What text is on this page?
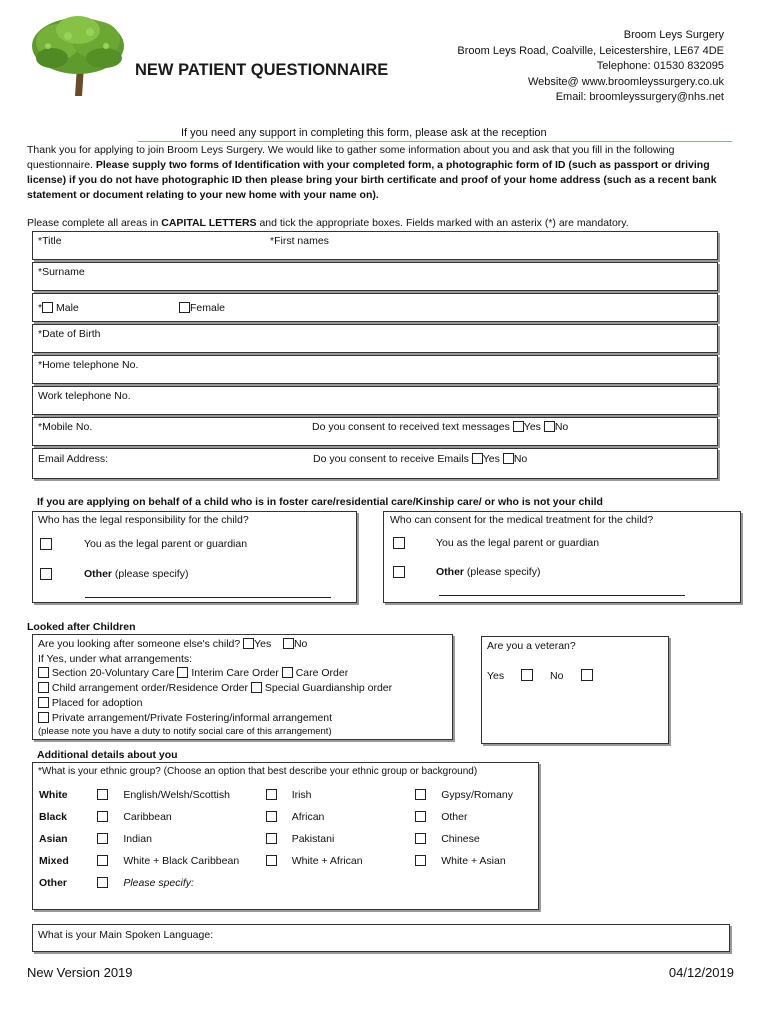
NEW PATIENT QUESTIONNAIRE
Broom Leys Surgery
Broom Leys Road, Coalville, Leicestershire, LE67 4DE
Telephone: 01530 832095
Website@ www.broomleyssurgery.co.uk
Email: broomleyssurgery@nhs.net
If you need any support in completing this form, please ask at the reception
Thank you for applying to join Broom Leys Surgery. We would like to gather some information about you and ask that you fill in the following questionnaire. Please supply two forms of Identification with your completed form, a photographic form of ID (such as passport or driving license) if you do not have photographic ID then please bring your birth certificate and proof of your home address (such as a recent bank statement or document relating to your new home with your name on).
Please complete all areas in CAPITAL LETTERS and tick the appropriate boxes. Fields marked with an asterix (*) are mandatory.
*Title	*First names
*Surname
* Male	Female
*Date of Birth
*Home telephone No.
Work telephone No.
*Mobile No.	Do you consent to received text messages Yes No
Email Address:	Do you consent to receive Emails Yes No
If you are applying on behalf of a child who is in foster care/residential care/Kinship care/ or who is not your child
Who has the legal responsibility for the child?
You as the legal parent or guardian
Other (please specify)
Who can consent for the medical treatment for the child?
You as the legal parent or guardian
Other (please specify)
Looked after Children
Are you looking after someone else's child? Yes No
If Yes, under what arrangements:
Section 20-Voluntary Care Interim Care Order Care Order
Child arrangement order/Residence Order Special Guardianship order
Placed for adoption
Private arrangement/Private Fostering/informal arrangement
(please note you have a duty to notify social care of this arrangement)
Are you a veteran?
Yes	No
Additional details about you
*What is your ethnic group? (Choose an option that best describe your ethnic group or background)
White		English/Welsh/Scottish		Irish		Gypsy/Romany
Black		Caribbean		African		Other
Asian		Indian		Pakistani		Chinese
Mixed		White + Black Caribbean		White + African		White + Asian
Other		Please specify:				
What is your Main Spoken Language:
New Version 2019	04/12/2019
